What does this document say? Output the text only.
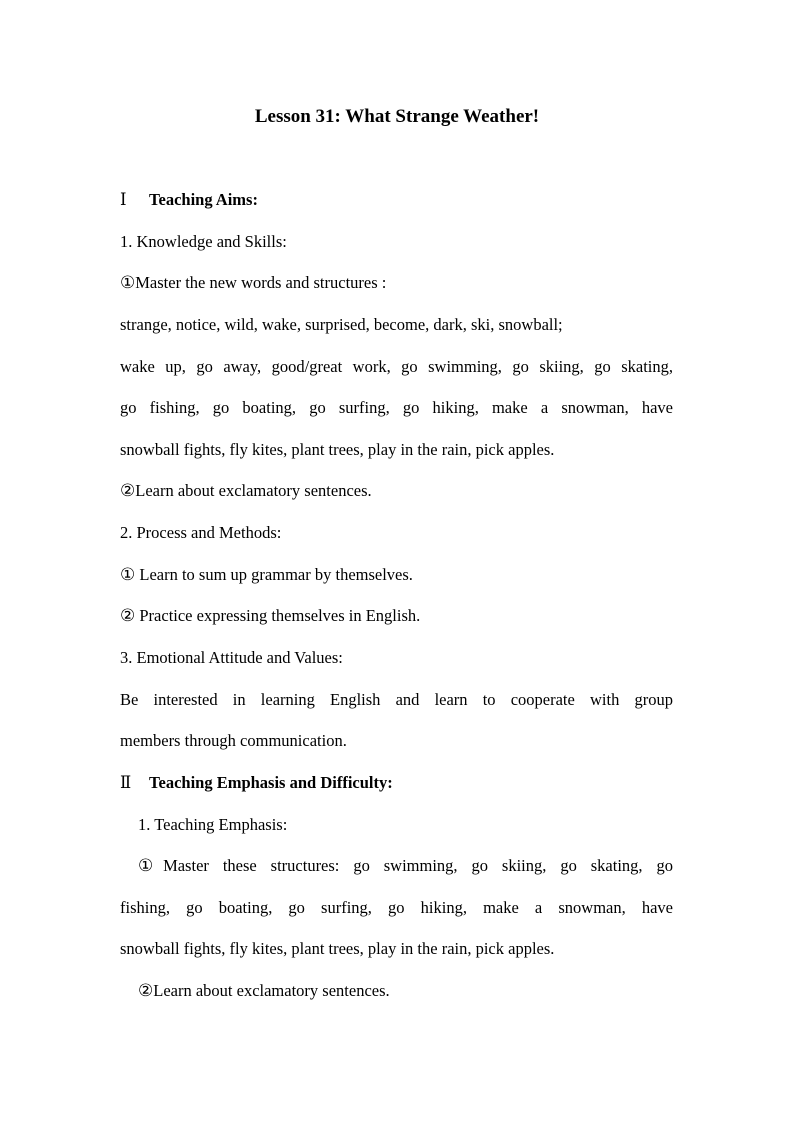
Lesson 31: What Strange Weather!
Ⅰ Teaching Aims:
1. Knowledge and Skills:
①Master the new words and structures :
strange, notice, wild, wake, surprised, become, dark, ski, snowball;
wake up, go away, good/great work, go swimming, go skiing, go skating,
go fishing, go boating, go surfing, go hiking, make a snowman, have
snowball fights, fly kites, plant trees, play in the rain, pick apples.
②Learn about exclamatory sentences.
2. Process and Methods:
① Learn to sum up grammar by themselves.
② Practice expressing themselves in English.
3. Emotional Attitude and Values:
Be interested in learning English and learn to cooperate with group
members through communication.
Ⅱ Teaching Emphasis and Difficulty:
1. Teaching Emphasis:
①Master these structures: go swimming, go skiing, go skating, go
fishing, go boating, go surfing, go hiking, make a snowman, have
snowball fights, fly kites, plant trees, play in the rain, pick apples.
②Learn about exclamatory sentences.
